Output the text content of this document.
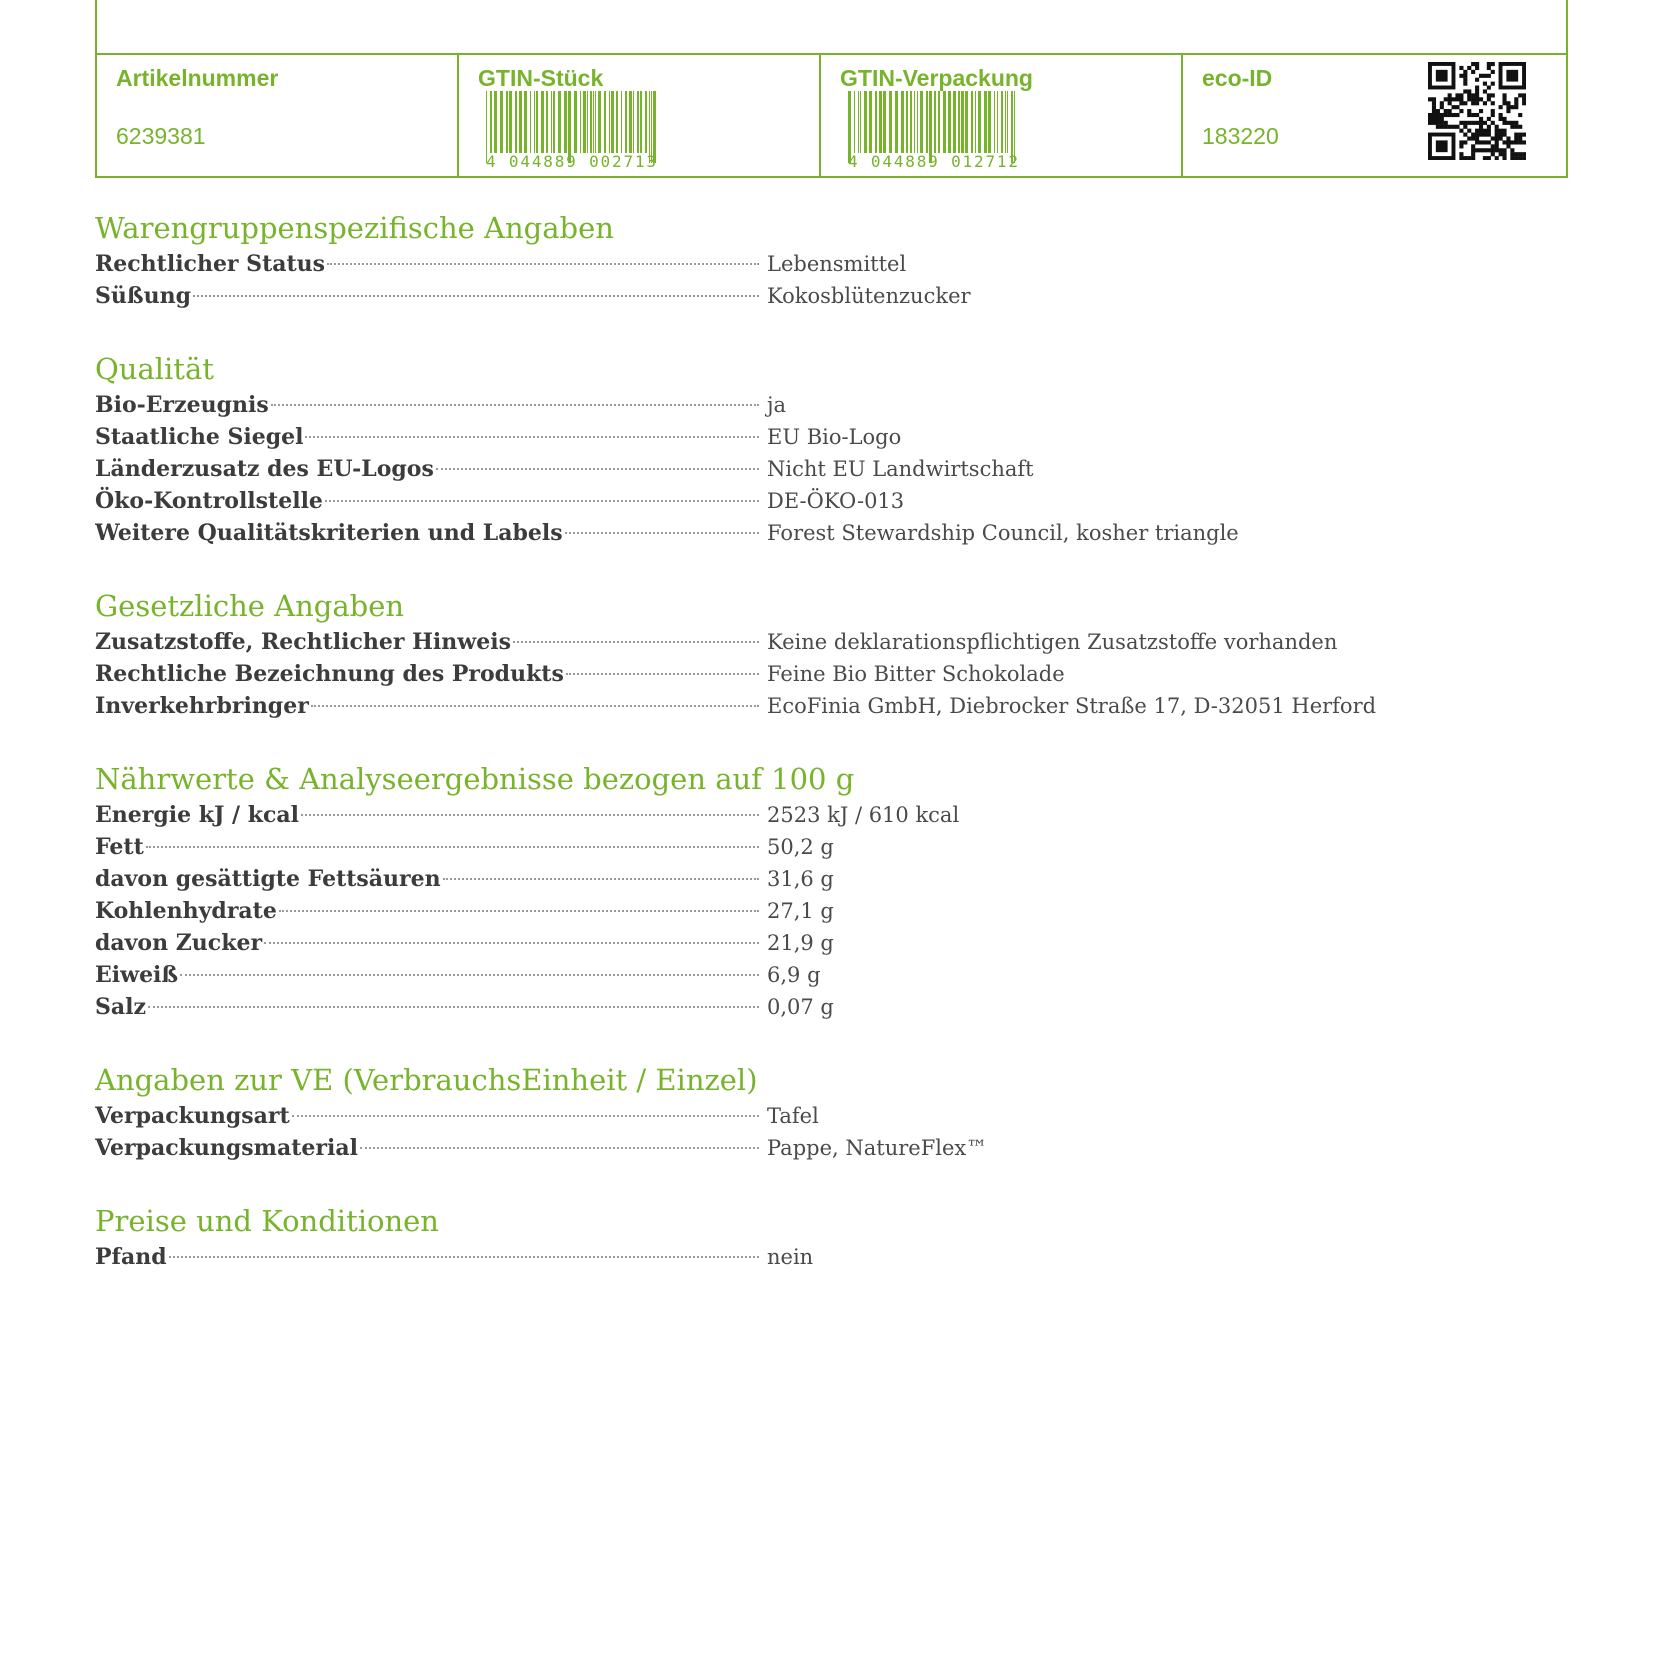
Artikelnummer
6239381
GTIN-Stück
4 044889 002713
GTIN-Verpackung
4 044889 012712
eco-ID
183220
Warengruppenspezifische Angaben
Rechtlicher Status	Lebensmittel
Süßung	Kokosblütenzucker
Qualität
Bio-Erzeugnis	ja
Staatliche Siegel	EU Bio-Logo
Länderzusatz des EU-Logos	Nicht EU Landwirtschaft
Öko-Kontrollstelle	DE-ÖKO-013
Weitere Qualitätskriterien und Labels	Forest Stewardship Council, kosher triangle
Gesetzliche Angaben
Zusatzstoffe, Rechtlicher Hinweis	Keine deklarationspflichtigen Zusatzstoffe vorhanden
Rechtliche Bezeichnung des Produkts	Feine Bio Bitter Schokolade
Inverkehrbringer	EcoFinia GmbH, Diebrocker Straße 17, D-32051 Herford
Nährwerte & Analyseergebnisse bezogen auf 100 g
Energie kJ / kcal	2523 kJ / 610 kcal
Fett	50,2 g
davon gesättigte Fettsäuren	31,6 g
Kohlenhydrate	27,1 g
davon Zucker	21,9 g
Eiweiß	6,9 g
Salz	0,07 g
Angaben zur VE (VerbrauchsEinheit / Einzel)
Verpackungsart	Tafel
Verpackungsmaterial	Pappe, NatureFlex™
Preise und Konditionen
Pfand	nein
